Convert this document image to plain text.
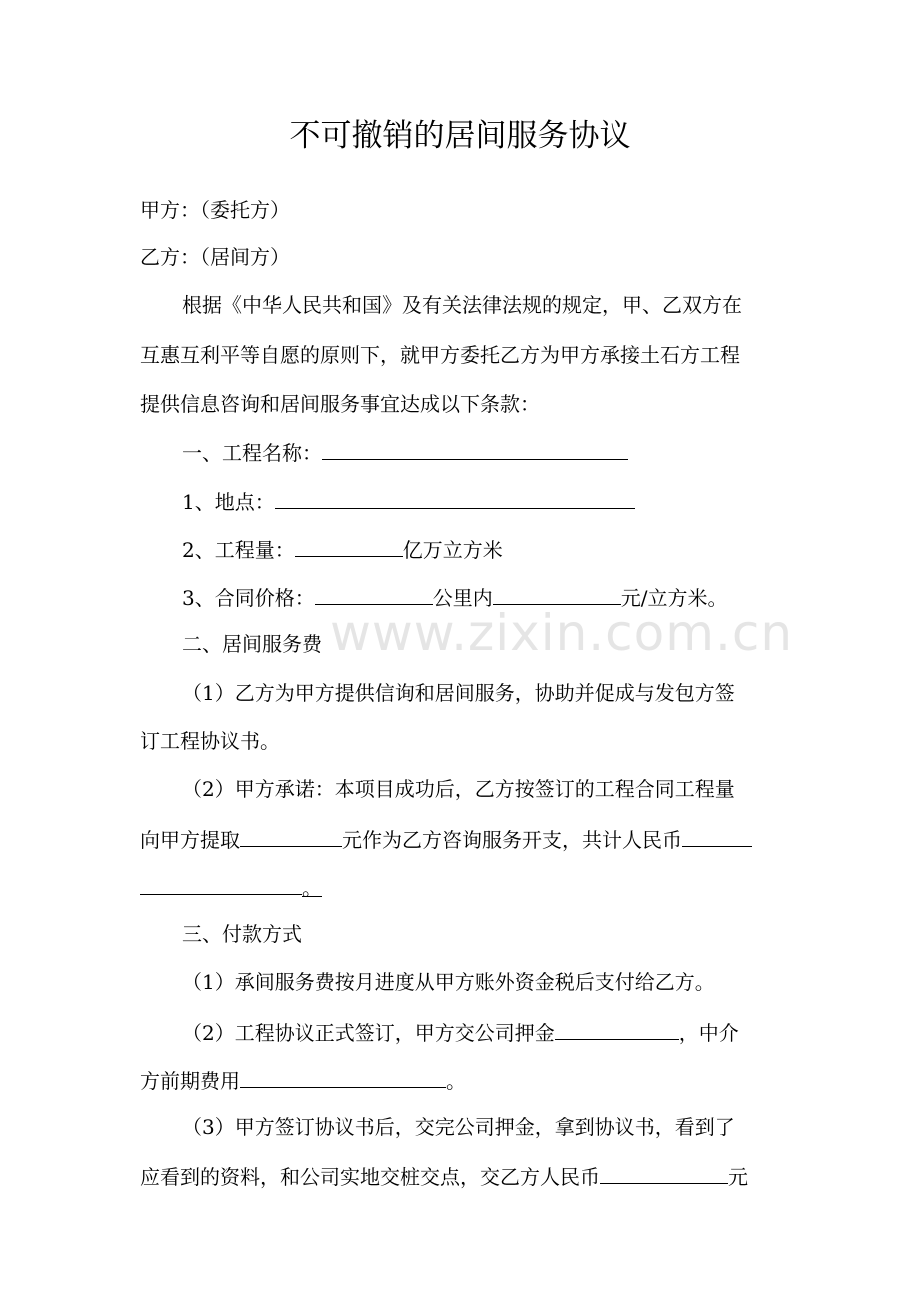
不可撤销的居间服务协议
甲方：（委托方）
乙方：（居间方）
根据《中华人民共和国》及有关法律法规的规定，甲、乙双方在
互惠互利平等自愿的原则下，就甲方委托乙方为甲方承接土石方工程
提供信息咨询和居间服务事宜达成以下条款：
一、工程名称：
1、地点：
2、工程量：	亿万立方米
3、合同价格：	公里内	元/立方米。
二、居间服务费
（1）乙方为甲方提供信询和居间服务，协助并促成与发包方签
订工程协议书。
（2）甲方承诺：本项目成功后，乙方按签订的工程合同工程量
向甲方提取	元作为乙方咨询服务开支，共计人民币
。
三、付款方式
（1）承间服务费按月进度从甲方账外资金税后支付给乙方。
（2）工程协议正式签订，甲方交公司押金	，中介
方前期费用	。
（3）甲方签订协议书后，交完公司押金，拿到协议书，看到了
应看到的资料，和公司实地交桩交点，交乙方人民币	元
www.zixin.com.cn
